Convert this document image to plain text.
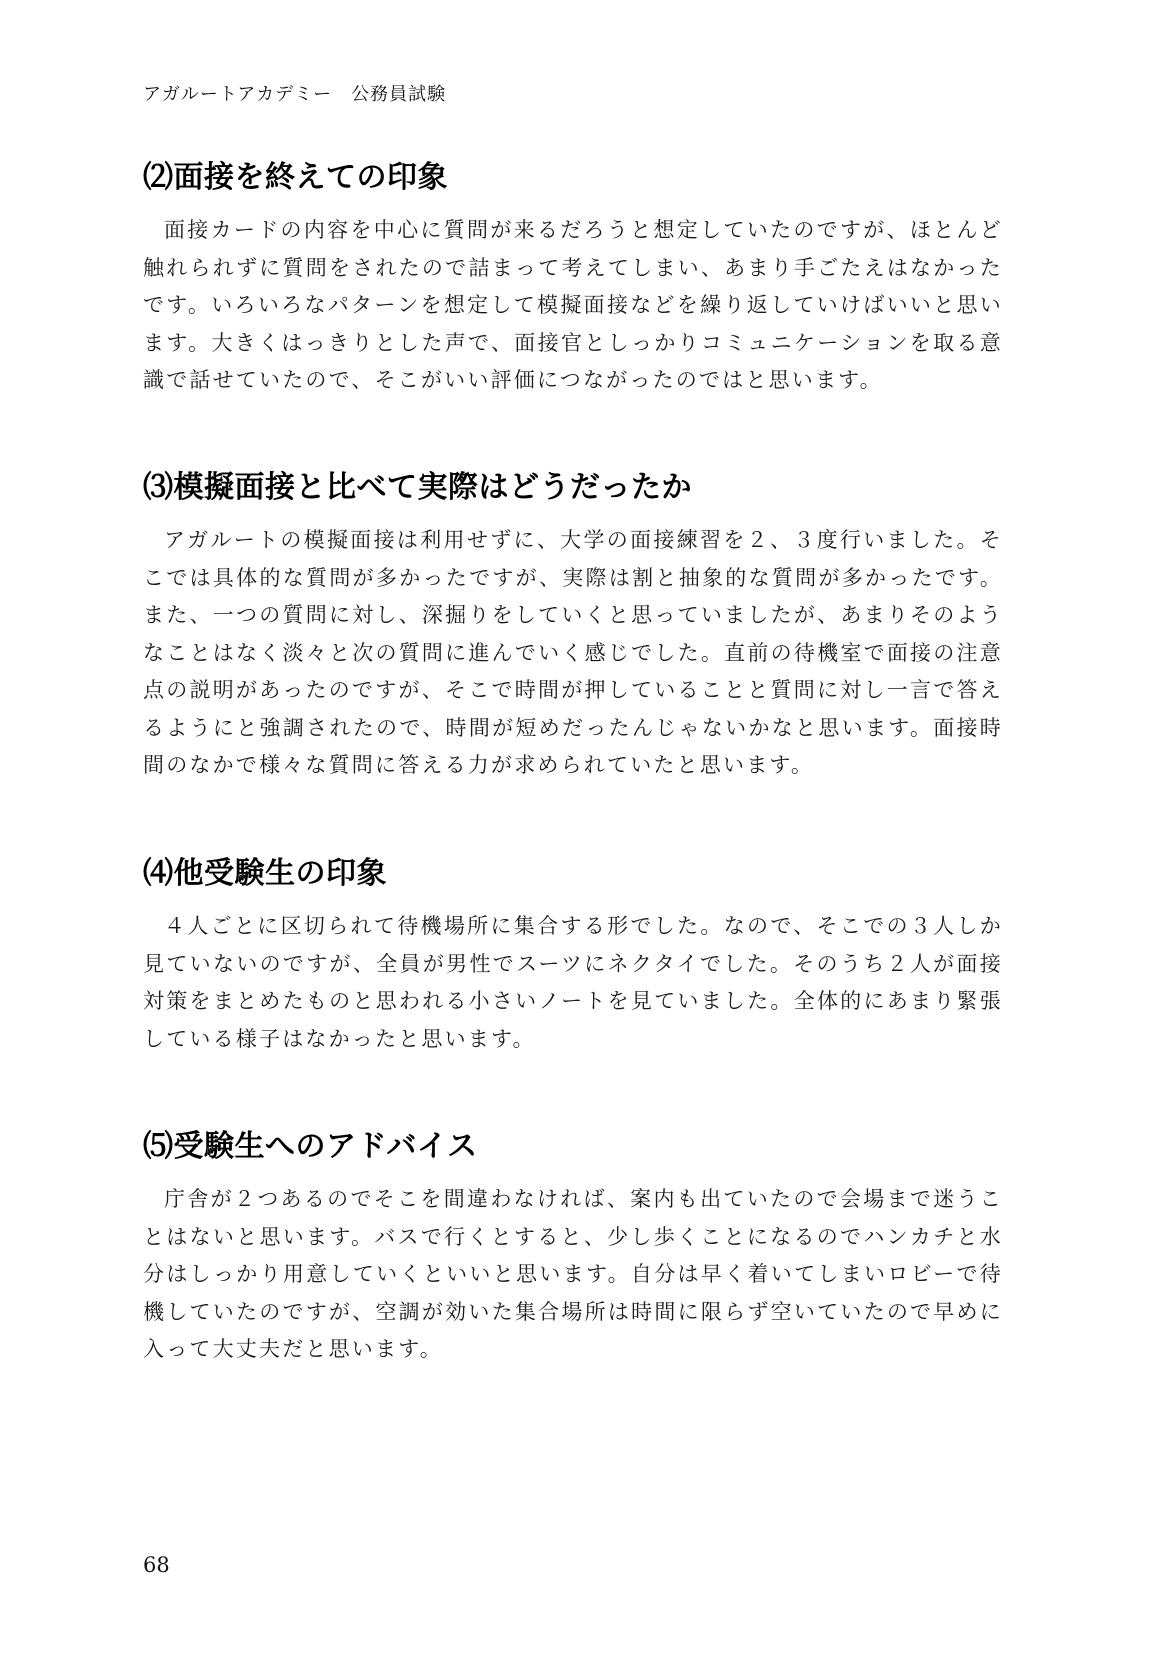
アガルートアカデミー　公務員試験
⑵面接を終えての印象

面接カードの内容を中心に質問が来るだろうと想定していたのですが、ほとんど触れられずに質問をされたので詰まって考えてしまい、あまり手ごたえはなかったです。いろいろなパターンを想定して模擬面接などを繰り返していけばいいと思います。大きくはっきりとした声で、面接官としっかりコミュニケーションを取る意識で話せていたので、そこがいい評価につながったのではと思います。

⑶模擬面接と比べて実際はどうだったか

アガルートの模擬面接は利用せずに、大学の面接練習を２、３度行いました。そこでは具体的な質問が多かったですが、実際は割と抽象的な質問が多かったです。また、一つの質問に対し、深掘りをしていくと思っていましたが、あまりそのようなことはなく淡々と次の質問に進んでいく感じでした。直前の待機室で面接の注意点の説明があったのですが、そこで時間が押していることと質問に対し一言で答えるようにと強調されたので、時間が短めだったんじゃないかなと思います。面接時間のなかで様々な質問に答える力が求められていたと思います。

⑷他受験生の印象

４人ごとに区切られて待機場所に集合する形でした。なので、そこでの３人しか見ていないのですが、全員が男性でスーツにネクタイでした。そのうち２人が面接対策をまとめたものと思われる小さいノートを見ていました。全体的にあまり緊張している様子はなかったと思います。

⑸受験生へのアドバイス

庁舎が２つあるのでそこを間違わなければ、案内も出ていたので会場まで迷うことはないと思います。バスで行くとすると、少し歩くことになるのでハンカチと水分はしっかり用意していくといいと思います。自分は早く着いてしまいロビーで待機していたのですが、空調が効いた集合場所は時間に限らず空いていたので早めに入って大丈夫だと思います。

68
